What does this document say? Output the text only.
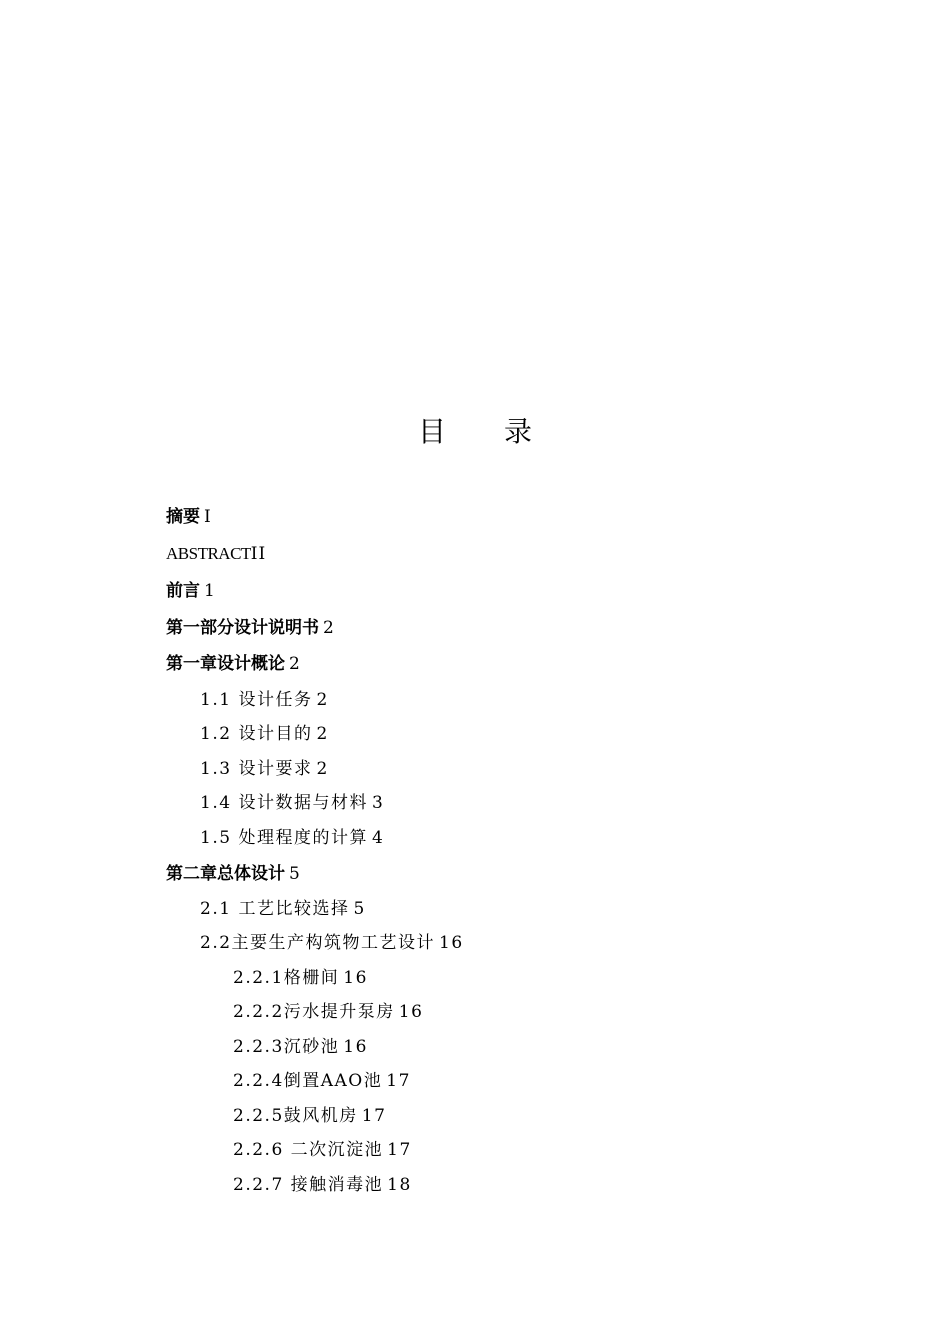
目 录
摘要 I
ABSTRACTII
前言 1
第一部分设计说明书 2
第一章设计概论 2
1.1 设计任务 2
1.2 设计目的 2
1.3 设计要求 2
1.4 设计数据与材料 3
1.5 处理程度的计算 4
第二章总体设计 5
2.1 工艺比较选择 5
2.2主要生产构筑物工艺设计 16
2.2.1格栅间 16
2.2.2污水提升泵房 16
2.2.3沉砂池 16
2.2.4倒置AAO池 17
2.2.5鼓风机房 17
2.2.6 二次沉淀池 17
2.2.7 接触消毒池 18
